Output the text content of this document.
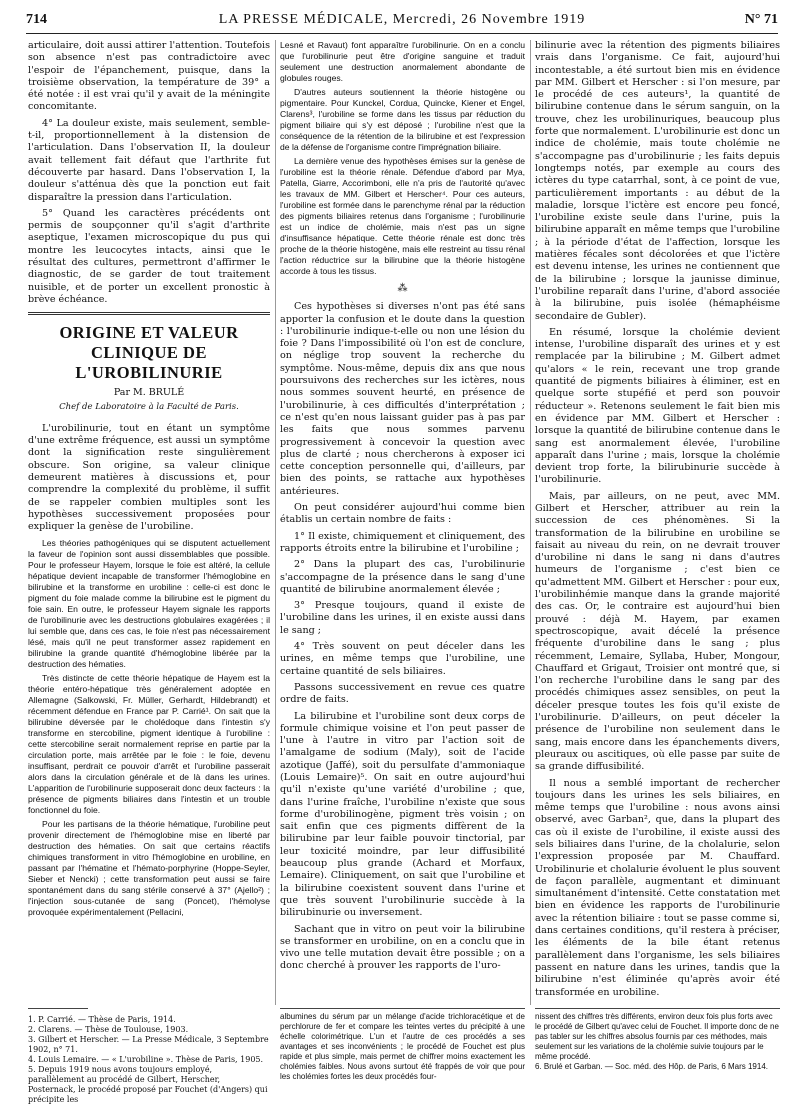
714	LA PRESSE MÉDICALE, Mercredi, 26 Novembre 1919	N° 71

articulaire, doit aussi attirer l'attention. Toutefois son absence n'est pas contradictoire avec l'espoir de l'épanchement, puisque, dans la troisième observation, la température de 39° a été notée : il est vrai qu'il y avait de la méningite concomitante.

4° La douleur existe, mais seulement, semble-t-il, proportionnellement à la distension de l'articulation. Dans l'observation II, la douleur avait tellement fait défaut que l'arthrite fut découverte par hasard. Dans l'observation I, la douleur s'atténua dès que la ponction eut fait disparaître la pression dans l'articulation.

5° Quand les caractères précédents ont permis de soupçonner qu'il s'agit d'arthrite aseptique, l'examen microscopique du pus qui montre les leucocytes intacts, ainsi que le résultat des cultures, permettront d'affirmer le diagnostic, de se garder de tout traitement nuisible, et de porter un excellent pronostic à brève échéance.

ORIGINE ET VALEUR CLINIQUE DE L'UROBILINURIE
Par M. BRULÉ
Chef de Laboratoire à la Faculté de Paris.

L'urobilinurie, tout en étant un symptôme d'une extrême fréquence, est aussi un symptôme dont la signification reste singulièrement obscure. Son origine, sa valeur clinique demeurent matières à discussions et, pour comprendre la complexité du problème, il suffit de se rappeler combien multiples sont les hypothèses successivement proposées pour expliquer la genèse de l'urobiline.

Les théories pathogéniques qui se disputent actuellement la faveur de l'opinion sont aussi dissemblables que possible. Pour le professeur Hayem, lorsque le foie est altéré, la cellule hépatique devient incapable de transformer l'hémoglobine en bilirubine et la transforme en urobiline : celle-ci est donc le pigment du foie malade comme la bilirubine est le pigment du foie sain. En outre, le professeur Hayem signale les rapports de l'urobilinurie avec les destructions globulaires exagérées ; il lui semble que, dans ces cas, le foie n'est pas nécessairement lésé, mais qu'il ne peut transformer assez rapidement en bilirubine la grande quantité d'hémoglobine libérée par la destruction des hématies.

Très distincte de cette théorie hépatique de Hayem est la théorie entéro-hépatique très généralement adoptée en Allemagne (Salkowski, Fr. Müller, Gerhardt, Hildebrandt) et récemment défendue en France par P. Carrié¹. On sait que la bilirubine déversée par le cholédoque dans l'intestin s'y transforme en stercobiline, pigment identique à l'urobiline : cette stercobiline serait normalement reprise en partie par la circulation porte, mais arrêtée par le foie : le foie, devenu insuffisant, perdrait ce pouvoir d'arrêt et l'urobiline passerait alors dans la circulation générale et de là dans les urines. L'apparition de l'urobilinurie supposerait donc deux facteurs : la présence de pigments biliaires dans l'intestin et un trouble fonctionnel du foie.

Pour les partisans de la théorie hématique, l'urobiline peut provenir directement de l'hémoglobine mise en liberté par destruction des hématies. On sait que certains réactifs chimiques transforment in vitro l'hémoglobine en urobiline, en passant par l'hématine et l'hémato-porphyrine (Hoppe-Seyler, Sieber et Nencki) ; cette transformation peut aussi se faire spontanément dans du sang stérile conservé à 37° (Ajello²) ; l'injection sous-cutanée de sang (Poncet), l'hémolyse provoquée expérimentalement (Pellacini,

Lesné et Ravaut) font apparaître l'urobilinurie. On en a conclu que l'urobilinurie peut être d'origine sanguine et traduit seulement une destruction anormalement abondante de globules rouges.

D'autres auteurs soutiennent la théorie histogène ou pigmentaire. Pour Kunckel, Cordua, Quincke, Kiener et Engel, Clarens³, l'urobiline se forme dans les tissus par réduction du pigment biliaire qui s'y est déposé ; l'urobiline n'est que la conséquence de la rétention de la bilirubine et est l'expression de la défense de l'organisme contre l'imprégnation biliaire.

La dernière venue des hypothèses émises sur la genèse de l'urobiline est la théorie rénale. Défendue d'abord par Mya, Patella, Giarre, Accorimboni, elle n'a pris de l'autorité qu'avec les travaux de MM. Gilbert et Herscher⁴. Pour ces auteurs, l'urobiline est formée dans le parenchyme rénal par la réduction des pigments biliaires retenus dans l'organisme ; l'urobilinurie est un indice de cholémie, mais n'est pas un signe d'insuffisance hépatique. Cette théorie rénale est donc très proche de la théorie histogène, mais elle restreint au tissu rénal l'action réductrice sur la bilirubine que la théorie histogène accorde à tous les tissus.

⁂

Ces hypothèses si diverses n'ont pas été sans apporter la confusion et le doute dans la question : l'urobilinurie indique-t-elle ou non une lésion du foie ? Dans l'impossibilité où l'on est de conclure, on néglige trop souvent la recherche du symptôme. Nous-même, depuis dix ans que nous poursuivons des recherches sur les ictères, nous nous sommes souvent heurté, en présence de l'urobilinurie, à ces difficultés d'interprétation ; ce n'est qu'en nous laissant guider pas à pas par les faits que nous sommes parvenu progressivement à concevoir la question avec plus de clarté ; nous chercherons à exposer ici cette conception personnelle qui, d'ailleurs, par bien des points, se rattache aux hypothèses antérieures.

On peut considérer aujourd'hui comme bien établis un certain nombre de faits :

1° Il existe, chimiquement et cliniquement, des rapports étroits entre la bilirubine et l'urobiline ;

2° Dans la plupart des cas, l'urobilinurie s'accompagne de la présence dans le sang d'une quantité de bilirubine anormalement élevée ;

3° Presque toujours, quand il existe de l'urobiline dans les urines, il en existe aussi dans le sang ;

4° Très souvent on peut déceler dans les urines, en même temps que l'urobiline, une certaine quantité de sels biliaires.

Passons successivement en revue ces quatre ordre de faits.

La bilirubine et l'urobiline sont deux corps de formule chimique voisine et l'on peut passer de l'une à l'autre in vitro par l'action soit de l'amalgame de sodium (Maly), soit de l'acide azotique (Jaffé), soit du persulfate d'ammoniaque (Louis Lemaire)⁵. On sait en outre aujourd'hui qu'il n'existe qu'une variété d'urobiline ; que, dans l'urine fraîche, l'urobiline n'existe que sous forme d'urobilinogène, pigment très voisin ; on sait enfin que ces pigments diffèrent de la bilirubine par leur faible pouvoir tinctorial, par leur toxicité moindre, par leur diffusibilité beaucoup plus grande (Achard et Morfaux, Lemaire). Cliniquement, on sait que l'urobiline et la bilirubine coexistent souvent dans l'urine et que très souvent l'urobilinurie succède à la bilirubinurie ou inversement.

Sachant que in vitro on peut voir la bilirubine se transformer en urobiline, on en a conclu que in vivo une telle mutation devait être possible ; on a donc cherché à prouver les rapports de l'uro-

bilinurie avec la rétention des pigments biliaires vrais dans l'organisme. Ce fait, aujourd'hui incontestable, a été surtout bien mis en évidence par MM. Gilbert et Herscher : si l'on mesure, par le procédé de ces auteurs¹, la quantité de bilirubine contenue dans le sérum sanguin, on la trouve, chez les urobilinuriques, beaucoup plus forte que normalement. L'urobilinurie est donc un indice de cholémie, mais toute cholémie ne s'accompagne pas d'urobilinurie ; les faits depuis longtemps notés, par exemple au cours des ictères du type catarrhal, sont, à ce point de vue, particulièrement importants : au début de la maladie, lorsque l'ictère est encore peu foncé, l'urobiline existe seule dans l'urine, puis la bilirubine apparaît en même temps que l'urobiline ; à la période d'état de l'affection, lorsque les matières fécales sont décolorées et que l'ictère est devenu intense, les urines ne contiennent que de la bilirubine ; lorsque la jaunisse diminue, l'urobiline reparaît dans l'urine, d'abord associée à la bilirubine, puis isolée (hémaphéisme secondaire de Gubler).

En résumé, lorsque la cholémie devient intense, l'urobiline disparaît des urines et y est remplacée par la bilirubine ; M. Gilbert admet qu'alors « le rein, recevant une trop grande quantité de pigments biliaires à éliminer, est en quelque sorte stupéfié et perd son pouvoir réducteur ». Retenons seulement le fait bien mis en évidence par MM. Gilbert et Herscher : lorsque la quantité de bilirubine contenue dans le sang est anormalement élevée, l'urobiline apparaît dans l'urine ; mais, lorsque la cholémie devient trop forte, la bilirubinurie succède à l'urobilinurie.

Mais, par ailleurs, on ne peut, avec MM. Gilbert et Herscher, attribuer au rein la succession de ces phénomènes. Si la transformation de la bilirubine en urobiline se faisait au niveau du rein, on ne devrait trouver d'urobiline ni dans le sang ni dans d'autres humeurs de l'organisme ; c'est bien ce qu'admettent MM. Gilbert et Herscher : pour eux, l'urobilinhémie manque dans la grande majorité des cas. Or, le contraire est aujourd'hui bien prouvé : déjà M. Hayem, par examen spectroscopique, avait décelé la présence fréquente d'urobiline dans le sang ; plus récemment, Lemaire, Syllaba, Huber, Mongour, Chauffard et Grigaut, Troisier ont montré que, si l'on recherche l'urobiline dans le sang par des procédés chimiques assez sensibles, on peut la déceler presque toutes les fois qu'il existe de l'urobilinurie. D'ailleurs, on peut déceler la présence de l'urobiline non seulement dans le sang, mais encore dans les épanchements divers, pleuraux ou ascitiques, où elle passe par suite de sa grande diffusibilité.

Il nous a semblé important de rechercher toujours dans les urines les sels biliaires, en même temps que l'urobiline : nous avons ainsi observé, avec Garban², que, dans la plupart des cas où il existe de l'urobiline, il existe aussi des sels biliaires dans l'urine, de la cholalurie, selon l'expression proposée par M. Chauffard. Urobilinurie et cholalurie évoluent le plus souvent de façon parallèle, augmentant et diminuant simultanément d'intensité. Cette constatation met bien en évidence les rapports de l'urobilinurie avec la rétention biliaire : tout se passe comme si, dans certaines conditions, qu'il restera à préciser, les éléments de la bile étant retenus parallèlement dans l'organisme, les sels biliaires passent en nature dans les urines, tandis que la bilirubine n'est éliminée qu'après avoir été transformée en urobiline.

1. P. Carrié. — Thèse de Paris, 1914.

2. Clarens. — Thèse de Toulouse, 1903.

3. Gilbert et Herscher. — La Presse Médicale, 3 Septembre 1902, n° 71.

4. Louis Lemaire. — « L'urobiline ». Thèse de Paris, 1905.

5. Depuis 1919 nous avons toujours employé, parallèlement au procédé de Gilbert, Herscher, Posternack, le procédé proposé par Fouchet (d'Angers) qui précipite les

albumines du sérum par un mélange d'acide trichloracétique et de perchlorure de fer et compare les teintes vertes du précipité à une échelle colorimétrique. L'un et l'autre de ces procédés a ses avantages et ses inconvénients ; le procédé de Fouchet est plus rapide et plus simple, mais permet de chiffrer moins exactement les cholémies faibles. Nous avons surtout été frappés de voir que pour les cholémies fortes les deux procédés four-

nissent des chiffres très différents, environ deux fois plus forts avec le procédé de Gilbert qu'avec celui de Fouchet. Il importe donc de ne pas tabler sur les chiffres absolus fournis par ces méthodes, mais seulement sur les variations de la cholémie suivie toujours par le même procédé.

6. Brulé et Garban. — Soc. méd. des Hôp. de Paris, 6 Mars 1914.
